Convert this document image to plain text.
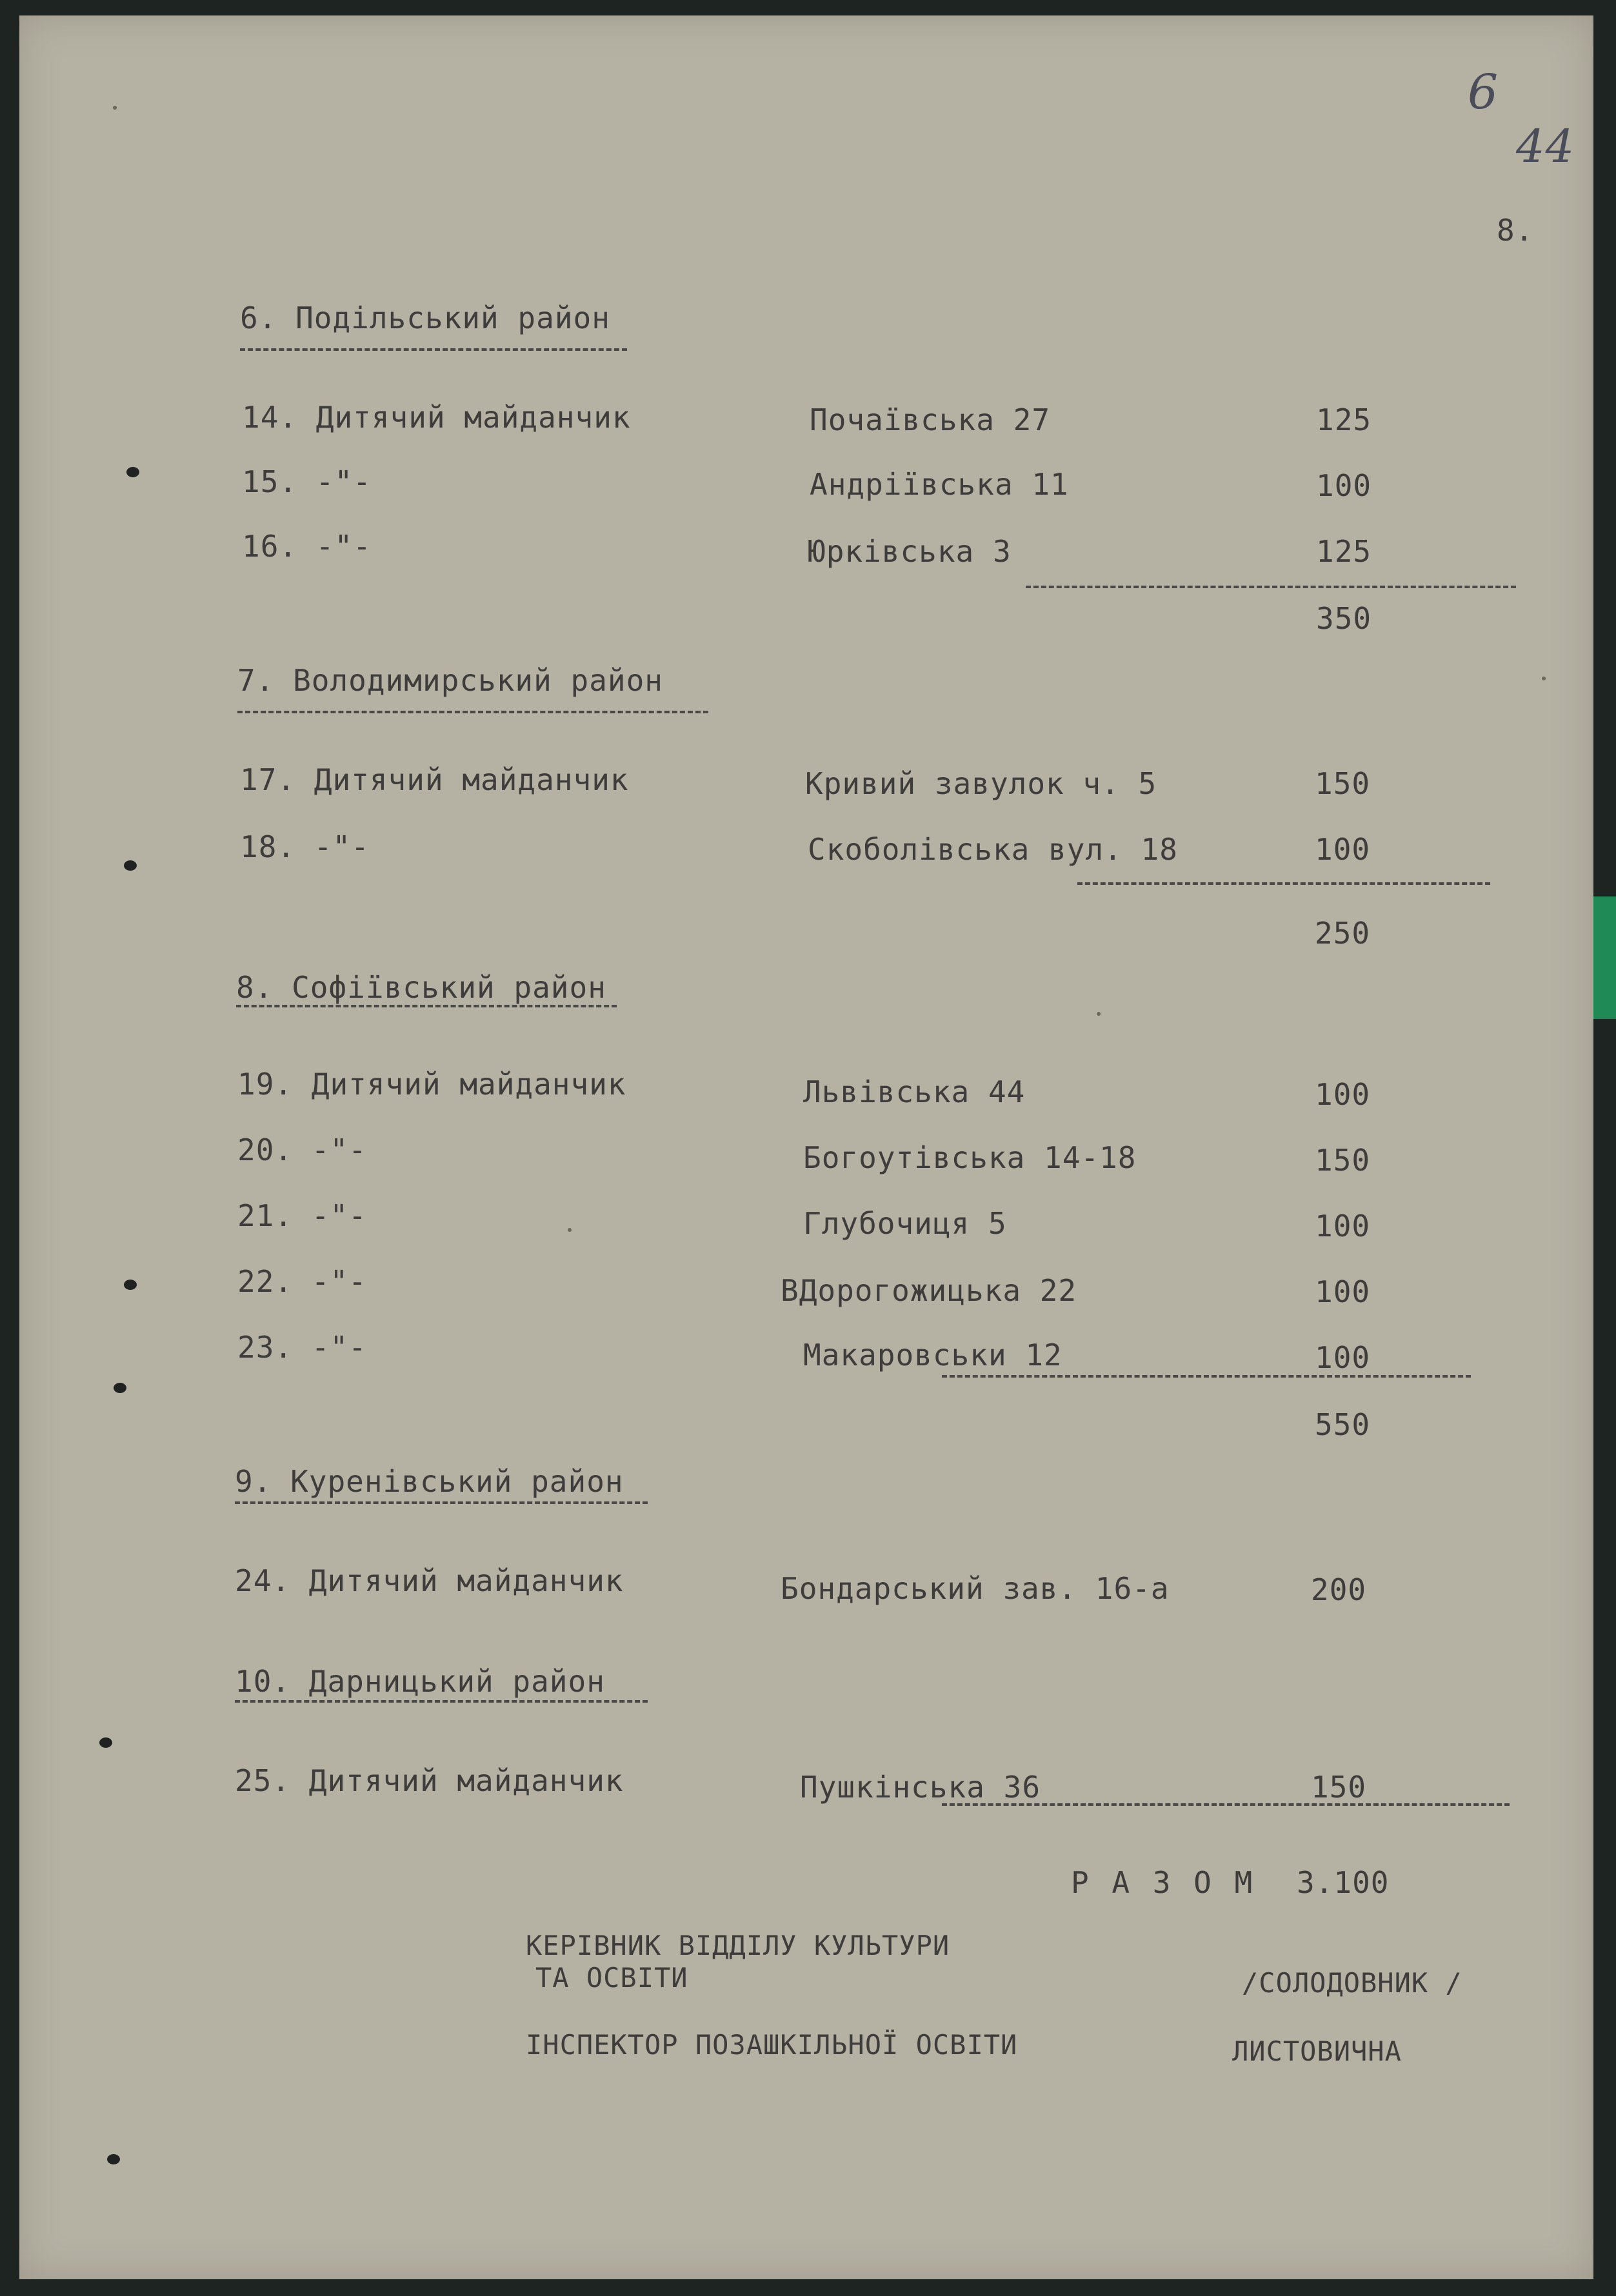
6
44
8.
6. Подільський район
14. Дитячий майданчик	Почаївська 27	125
15. -"-	Андріївська 11	100
16. -"-	Юрківська 3	125
350
7. Володимирський район
17. Дитячий майданчик	Кривий завулок ч. 5	150
18. -"-	Скоболівська вул. 18	100
250
8. Софіївський район
19. Дитячий майданчик	Львівська 44	100
20. -"-	Богоутівська 14-18	150
21. -"-	Глубочиця 5	100
22. -"-	ВДорогожицька 22	100
23. -"-	Макаровськи 12	100
550
9. Куренівський район
24. Дитячий майданчик	Бондарський зав. 16-а	200
10. Дарницький район
25. Дитячий майданчик	Пушкінська 36	150
Р А З О М 3.100
КЕРІВНИК ВІДДІЛУ КУЛЬТУРИ
ТА ОСВІТИ	/СОЛОДОВНИК /
ІНСПЕКТОР ПОЗАШКІЛЬНОЇ ОСВІТИ	ЛИСТОВИЧНА
